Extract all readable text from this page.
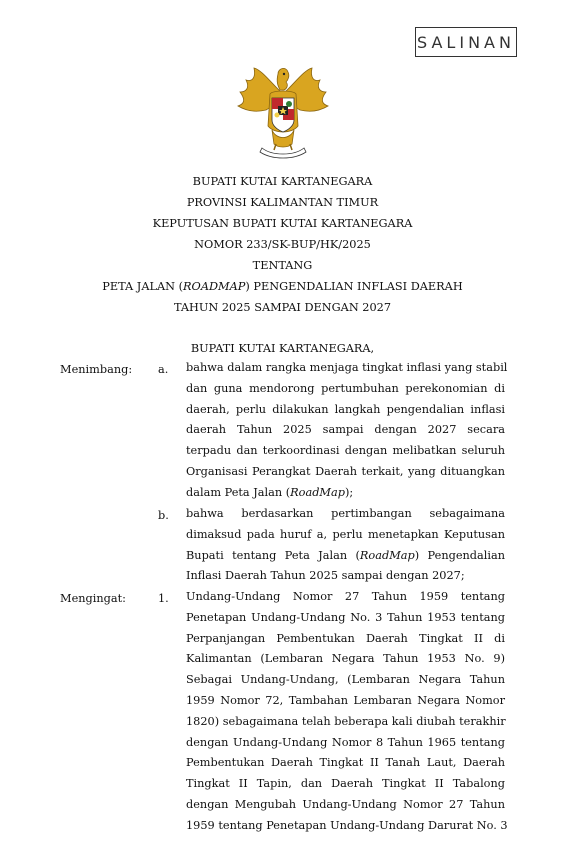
SALINAN
BUPATI KUTAI KARTANEGARA
PROVINSI KALIMANTAN TIMUR
KEPUTUSAN BUPATI KUTAI KARTANEGARA
NOMOR 233/SK-BUP/HK/2025
TENTANG
PETA JALAN (ROADMAP) PENGENDALIAN INFLASI DAERAH
TAHUN 2025 SAMPAI DENGAN 2027
BUPATI KUTAI KARTANEGARA,
Menimbang: a. bahwa dalam rangka menjaga tingkat inflasi yang stabil
dan guna mendorong pertumbuhan perekonomian di
daerah, perlu dilakukan langkah pengendalian inflasi
daerah Tahun 2025 sampai dengan 2027 secara
terpadu dan terkoordinasi dengan melibatkan seluruh
Organisasi Perangkat Daerah terkait, yang dituangkan
dalam Peta Jalan (RoadMap);
b. bahwa berdasarkan pertimbangan sebagaimana
dimaksud pada huruf a, perlu menetapkan Keputusan
Bupati tentang Peta Jalan (RoadMap) Pengendalian
Inflasi Daerah Tahun 2025 sampai dengan 2027;
Mengingat:	1. Undang-Undang Nomor 27 Tahun 1959 tentang
Penetapan Undang-Undang No. 3 Tahun 1953 tentang
Perpanjangan Pembentukan Daerah Tingkat II di
Kalimantan (Lembaran Negara Tahun 1953 No. 9)
Sebagai Undang-Undang, (Lembaran Negara Tahun
1959 Nomor 72, Tambahan Lembaran Negara Nomor
1820) sebagaimana telah beberapa kali diubah terakhir
dengan Undang-Undang Nomor 8 Tahun 1965 tentang
Pembentukan Daerah Tingkat II Tanah Laut, Daerah
Tingkat II Tapin, dan Daerah Tingkat II Tabalong
dengan Mengubah Undang-Undang Nomor 27 Tahun
1959 tentang Penetapan Undang-Undang Darurat No. 3
